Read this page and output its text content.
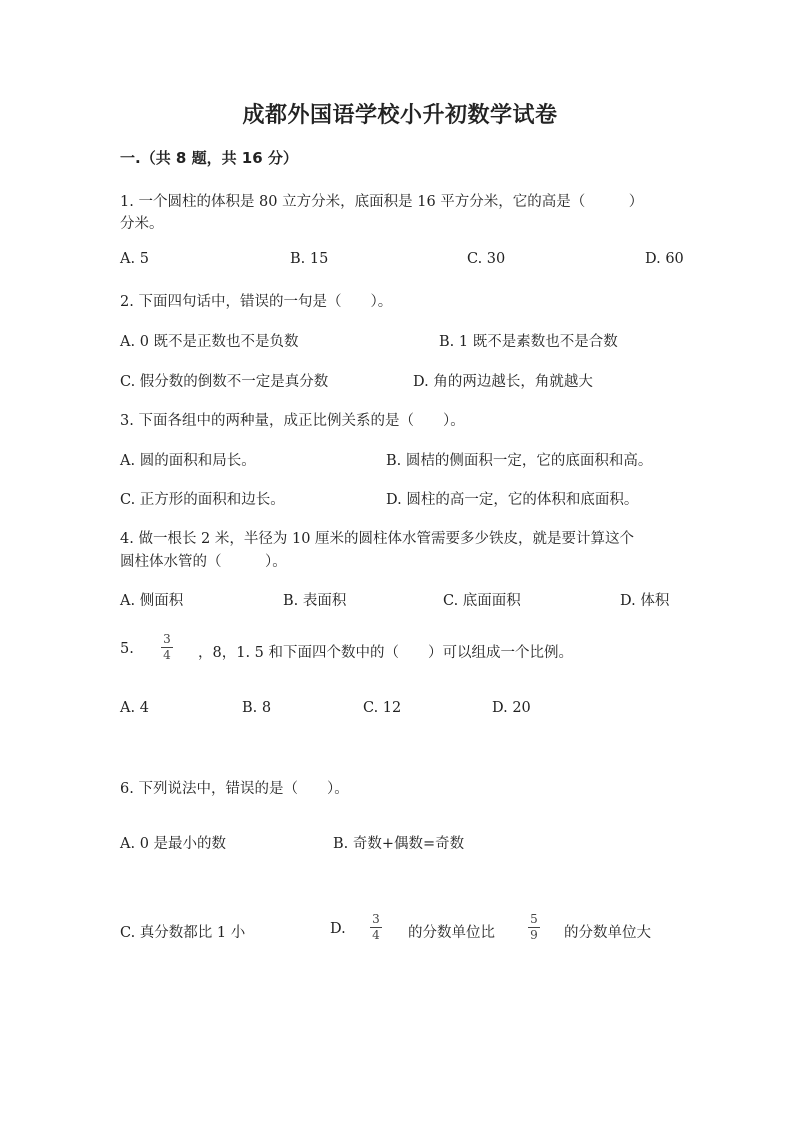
成都外国语学校小升初数学试卷
一.（共 8 题，共 16 分）
1. 一个圆柱的体积是 80 立方分米，底面积是 16 平方分米，它的高是（　　　）
分米。
A. 5	B. 15	C. 30	D. 60
2. 下面四句话中，错误的一句是（　　）。
A. 0 既不是正数也不是负数	B. 1 既不是素数也不是合数
C. 假分数的倒数不一定是真分数	D. 角的两边越长，角就越大
3. 下面各组中的两种量，成正比例关系的是（　　）。
A. 圆的面积和局长。	B. 圆桔的侧面积一定，它的底面积和高。
C. 正方形的面积和边长。	D. 圆柱的高一定，它的体积和底面积。
4. 做一根长 2 米，半径为 10 厘米的圆柱体水管需要多少铁皮，就是要计算这个
圆柱体水管的（　　　）。
A. 侧面积	B. 表面积	C. 底面面积	D. 体积
5.
3
4 ，8，1. 5 和下面四个数中的（　　）可以组成一个比例。
A. 4	B. 8	C. 12	D. 20
6. 下列说法中，错误的是（　　）。
A. 0 是最小的数	B. 奇数+偶数=奇数
C. 真分数都比 1 小	D.
3
4 的分数单位比
5
9 的分数单位大
